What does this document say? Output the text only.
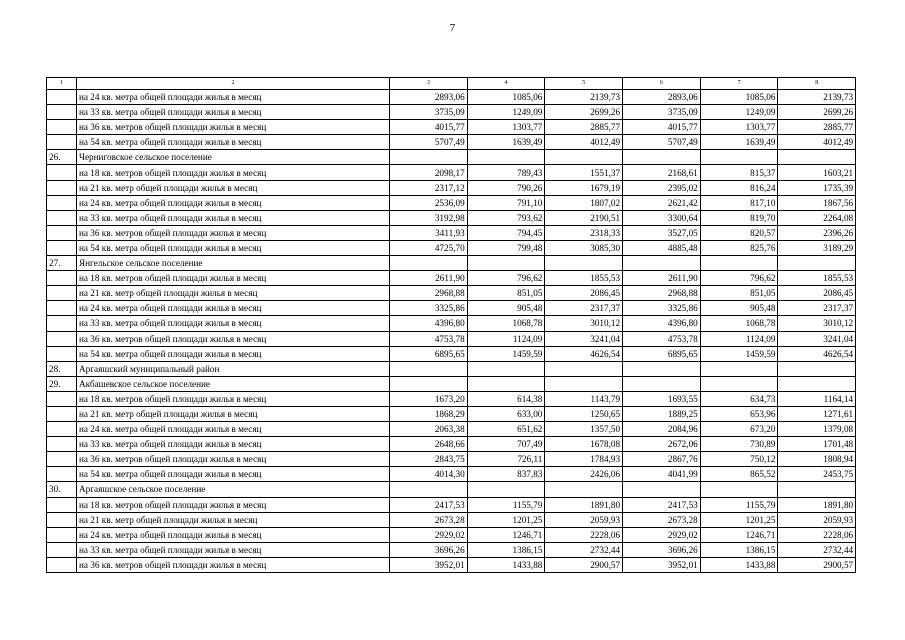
7
1	2	3	4	5	6	7	8
	на 24 кв. метра общей площади жилья в месяц	2893,06	1085,06	2139,73	2893,06	1085,06	2139,73
	на 33 кв. метра общей площади жилья в месяц	3735,09	1249,09	2699,26	3735,09	1249,09	2699,26
	на 36 кв. метров общей площади жилья в месяц	4015,77	1303,77	2885,77	4015,77	1303,77	2885,77
	на 54 кв. метра общей площади жилья в месяц	5707,49	1639,49	4012,49	5707,49	1639,49	4012,49
26.	Черниговское сельское поселение						
	на 18 кв. метров общей площади жилья в месяц	2098,17	789,43	1551,37	2168,61	815,37	1603,21
	на 21 кв. метр общей площади жилья в месяц	2317,12	790,26	1679,19	2395,02	816,24	1735,39
	на 24 кв. метра общей площади жилья в месяц	2536,09	791,10	1807,02	2621,42	817,10	1867,56
	на 33 кв. метра общей площади жилья в месяц	3192,98	793,62	2190,51	3300,64	819,70	2264,08
	на 36 кв. метров общей площади жилья в месяц	3411,93	794,45	2318,33	3527,05	820,57	2396,26
	на 54 кв. метра общей площади жилья в месяц	4725,70	799,48	3085,30	4885,48	825,76	3189,29
27.	Янгельское сельское поселение						
	на 18 кв. метров общей площади жилья в месяц	2611,90	796,62	1855,53	2611,90	796,62	1855,53
	на 21 кв. метр общей площади жилья в месяц	2968,88	851,05	2086,45	2968,88	851,05	2086,45
	на 24 кв. метра общей площади жилья в месяц	3325,86	905,48	2317,37	3325,86	905,48	2317,37
	на 33 кв. метра общей площади жилья в месяц	4396,80	1068,78	3010,12	4396,80	1068,78	3010,12
	на 36 кв. метров общей площади жилья в месяц	4753,78	1124,09	3241,04	4753,78	1124,09	3241,04
	на 54 кв. метра общей площади жилья в месяц	6895,65	1459,59	4626,54	6895,65	1459,59	4626,54
28.	Аргаяшский муниципальный район						
29.	Акбашевское сельское поселение						
	на 18 кв. метров общей площади жилья в месяц	1673,20	614,38	1143,79	1693,55	634,73	1164,14
	на 21 кв. метр общей площади жилья в месяц	1868,29	633,00	1250,65	1889,25	653,96	1271,61
	на 24 кв. метра общей площади жилья в месяц	2063,38	651,62	1357,50	2084,96	673,20	1379,08
	на 33 кв. метра общей площади жилья в месяц	2648,66	707,49	1678,08	2672,06	730,89	1701,48
	на 36 кв. метров общей площади жилья в месяц	2843,75	726,11	1784,93	2867,76	750,12	1808,94
	на 54 кв. метра общей площади жилья в месяц	4014,30	837,83	2426,06	4041,99	865,52	2453,75
30.	Аргаяшское сельское поселение						
	на 18 кв. метров общей площади жилья в месяц	2417,53	1155,79	1891,80	2417,53	1155,79	1891,80
	на 21 кв. метр общей площади жилья в месяц	2673,28	1201,25	2059,93	2673,28	1201,25	2059,93
	на 24 кв. метра общей площади жилья в месяц	2929,02	1246,71	2228,06	2929,02	1246,71	2228,06
	на 33 кв. метра общей площади жилья в месяц	3696,26	1386,15	2732,44	3696,26	1386,15	2732,44
	на 36 кв. метров общей площади жилья в месяц	3952,01	1433,88	2900,57	3952,01	1433,88	2900,57
